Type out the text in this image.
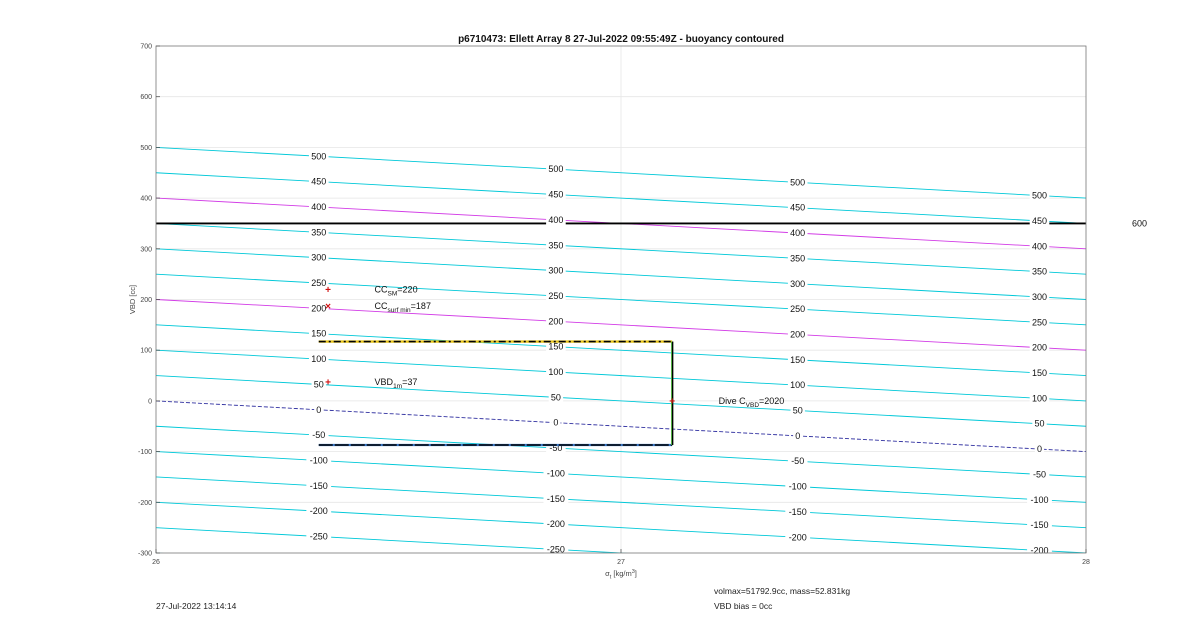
600
500
450
400
350
300
250
200
150
100
50
0
-50
-100
-150
-200
-250
500
450
400
350
300
250
200
150
100
50
0
-50
-100
-150
-200
-250
500
450
400
350
300
250
200
150
100
50
0
-50
-100
-150
-200
500
450
400
350
300
250
200
150
100
50
0
-50
-100
-150
-200
+
×
+
+
$CC_{SM}=220$
$CC_{surf min}=187$
$VBD_{1m}=37$
Dive $C_{VBD}=2020$
-300
-200
-100
0
100
200
300
400
500
600
700
26	27	28
p6710473: Ellett Array 8 27-Jul-2022 09:55:49Z - buoyancy contoured
VBD [cc]
$\sigma_t$ $[kg/m^3]$
27-Jul-2022 13:14:14
volmax=51792.9cc, mass=52.831kg
VBD bias = 0cc
